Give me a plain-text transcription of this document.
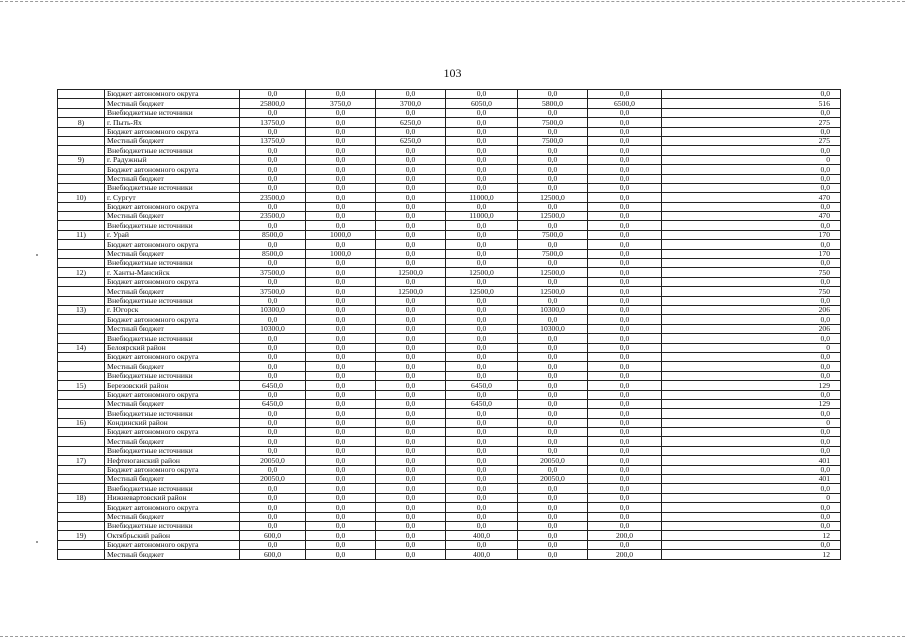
103
	Бюджет автономного округа	0,0	0,0	0,0	0,0	0,0	0,0	0,0
	Местный бюджет	25800,0	3750,0	3700,0	6050,0	5800,0	6500,0	516
	Внебюджетные источники	0,0	0,0	0,0	0,0	0,0	0,0	0,0
8)	г. Пыть-Ях	13750,0	0,0	6250,0	0,0	7500,0	0,0	275
	Бюджет автономного округа	0,0	0,0	0,0	0,0	0,0	0,0	0,0
	Местный бюджет	13750,0	0,0	6250,0	0,0	7500,0	0,0	275
	Внебюджетные источники	0,0	0,0	0,0	0,0	0,0	0,0	0,0
9)	г. Радужный	0,0	0,0	0,0	0,0	0,0	0,0	0
	Бюджет автономного округа	0,0	0,0	0,0	0,0	0,0	0,0	0,0
	Местный бюджет	0,0	0,0	0,0	0,0	0,0	0,0	0,0
	Внебюджетные источники	0,0	0,0	0,0	0,0	0,0	0,0	0,0
10)	г. Сургут	23500,0	0,0	0,0	11000,0	12500,0	0,0	470
	Бюджет автономного округа	0,0	0,0	0,0	0,0	0,0	0,0	0,0
	Местный бюджет	23500,0	0,0	0,0	11000,0	12500,0	0,0	470
	Внебюджетные источники	0,0	0,0	0,0	0,0	0,0	0,0	0,0
11)	г. Урай	8500,0	1000,0	0,0	0,0	7500,0	0,0	170
	Бюджет автономного округа	0,0	0,0	0,0	0,0	0,0	0,0	0,0
	Местный бюджет	8500,0	1000,0	0,0	0,0	7500,0	0,0	170
	Внебюджетные источники	0,0	0,0	0,0	0,0	0,0	0,0	0,0
12)	г. Ханты-Мансийск	37500,0	0,0	12500,0	12500,0	12500,0	0,0	750
	Бюджет автономного округа	0,0	0,0	0,0	0,0	0,0	0,0	0,0
	Местный бюджет	37500,0	0,0	12500,0	12500,0	12500,0	0,0	750
	Внебюджетные источники	0,0	0,0	0,0	0,0	0,0	0,0	0,0
13)	г. Югорск	10300,0	0,0	0,0	0,0	10300,0	0,0	206
	Бюджет автономного округа	0,0	0,0	0,0	0,0	0,0	0,0	0,0
	Местный бюджет	10300,0	0,0	0,0	0,0	10300,0	0,0	206
	Внебюджетные источники	0,0	0,0	0,0	0,0	0,0	0,0	0,0
14)	Белоярский район	0,0	0,0	0,0	0,0	0,0	0,0	0
	Бюджет автономного округа	0,0	0,0	0,0	0,0	0,0	0,0	0,0
	Местный бюджет	0,0	0,0	0,0	0,0	0,0	0,0	0,0
	Внебюджетные источники	0,0	0,0	0,0	0,0	0,0	0,0	0,0
15)	Березовский район	6450,0	0,0	0,0	6450,0	0,0	0,0	129
	Бюджет автономного округа	0,0	0,0	0,0	0,0	0,0	0,0	0,0
	Местный бюджет	6450,0	0,0	0,0	6450,0	0,0	0,0	129
	Внебюджетные источники	0,0	0,0	0,0	0,0	0,0	0,0	0,0
16)	Кондинский район	0,0	0,0	0,0	0,0	0,0	0,0	0
	Бюджет автономного округа	0,0	0,0	0,0	0,0	0,0	0,0	0,0
	Местный бюджет	0,0	0,0	0,0	0,0	0,0	0,0	0,0
	Внебюджетные источники	0,0	0,0	0,0	0,0	0,0	0,0	0,0
17)	Нефтеюганский район	20050,0	0,0	0,0	0,0	20050,0	0,0	401
	Бюджет автономного округа	0,0	0,0	0,0	0,0	0,0	0,0	0,0
	Местный бюджет	20050,0	0,0	0,0	0,0	20050,0	0,0	401
	Внебюджетные источники	0,0	0,0	0,0	0,0	0,0	0,0	0,0
18)	Нижневартовский район	0,0	0,0	0,0	0,0	0,0	0,0	0
	Бюджет автономного округа	0,0	0,0	0,0	0,0	0,0	0,0	0,0
	Местный бюджет	0,0	0,0	0,0	0,0	0,0	0,0	0,0
	Внебюджетные источники	0,0	0,0	0,0	0,0	0,0	0,0	0,0
19)	Октябрьский район	600,0	0,0	0,0	400,0	0,0	200,0	12
	Бюджет автономного округа	0,0	0,0	0,0	0,0	0,0	0,0	0,0
	Местный бюджет	600,0	0,0	0,0	400,0	0,0	200,0	12
